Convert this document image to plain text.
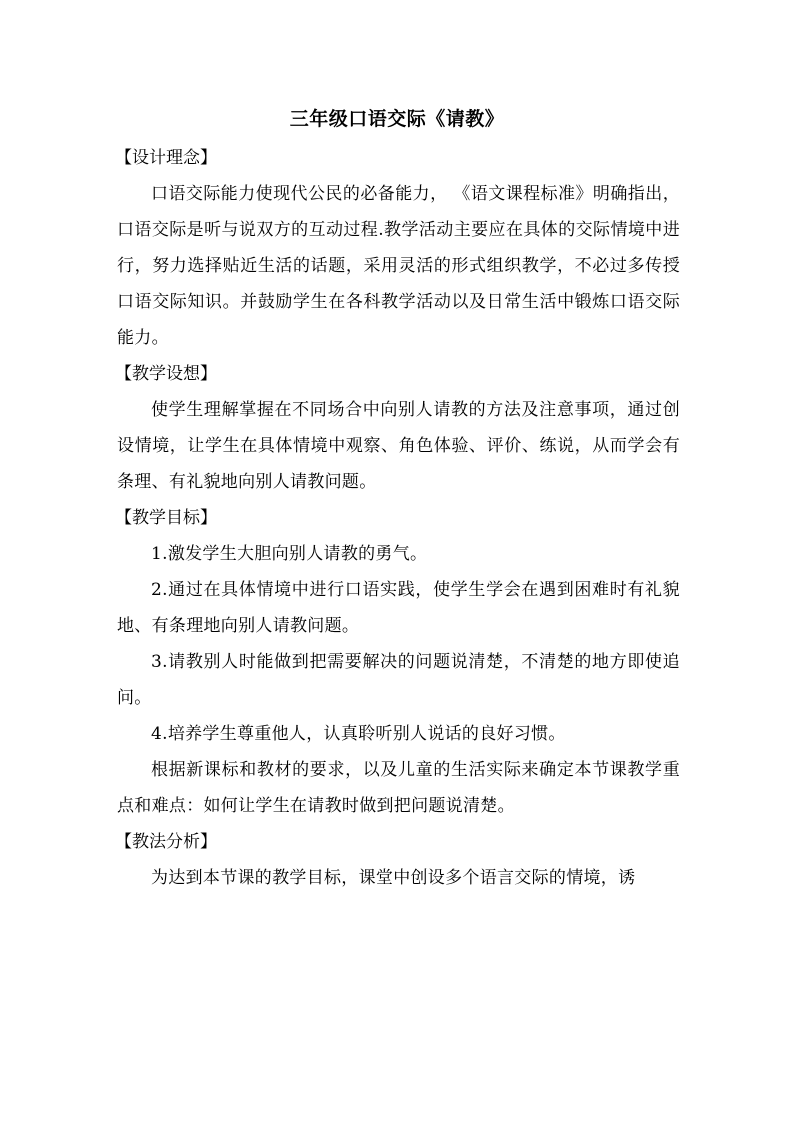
三年级口语交际《请教》
【设计理念】

口语交际能力使现代公民的必备能力， 《语文课程标准》明确指出，口语交际是听与说双方的互动过程.教学活动主要应在具体的交际情境中进行，努力选择贴近生活的话题，采用灵活的形式组织教学，不必过多传授口语交际知识。并鼓励学生在各科教学活动以及日常生活中锻炼口语交际能力。

【教学设想】

使学生理解掌握在不同场合中向别人请教的方法及注意事项，通过创设情境，让学生在具体情境中观察、角色体验、评价、练说，从而学会有条理、有礼貌地向别人请教问题。

【教学目标】

1.激发学生大胆向别人请教的勇气。

2.通过在具体情境中进行口语实践，使学生学会在遇到困难时有礼貌地、有条理地向别人请教问题。

3.请教别人时能做到把需要解决的问题说清楚，不清楚的地方即使追问。

4.培养学生尊重他人，认真聆听别人说话的良好习惯。

根据新课标和教材的要求，以及儿童的生活实际来确定本节课教学重点和难点：如何让学生在请教时做到把问题说清楚。

【教法分析】

为达到本节课的教学目标，课堂中创设多个语言交际的情境，诱
